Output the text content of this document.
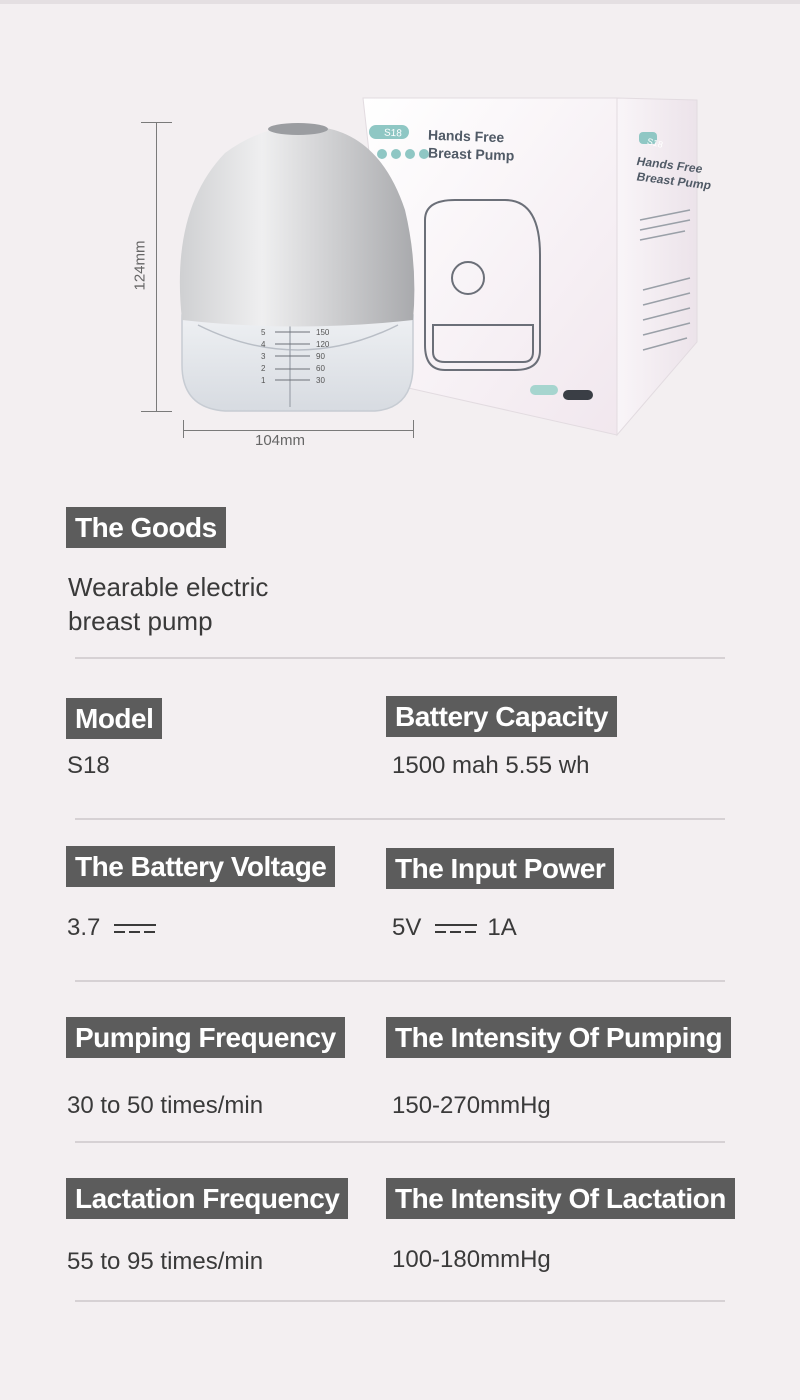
124mm
104mm
S18 Hands Free
Breast Pump
S18
Hands Free
Breast Pump
150
120
90
60
30
5
4
3
2
1
The Goods
Wearable electric
breast pump
Model
S18
Battery Capacity
1500 mah 5.55 wh
The Battery Voltage
3.7
The Input Power
5V	1A
Pumping Frequency
30 to 50 times/min
The Intensity Of Pumping
150-270mmHg
Lactation Frequency
55 to 95 times/min
The Intensity Of Lactation
100-180mmHg
